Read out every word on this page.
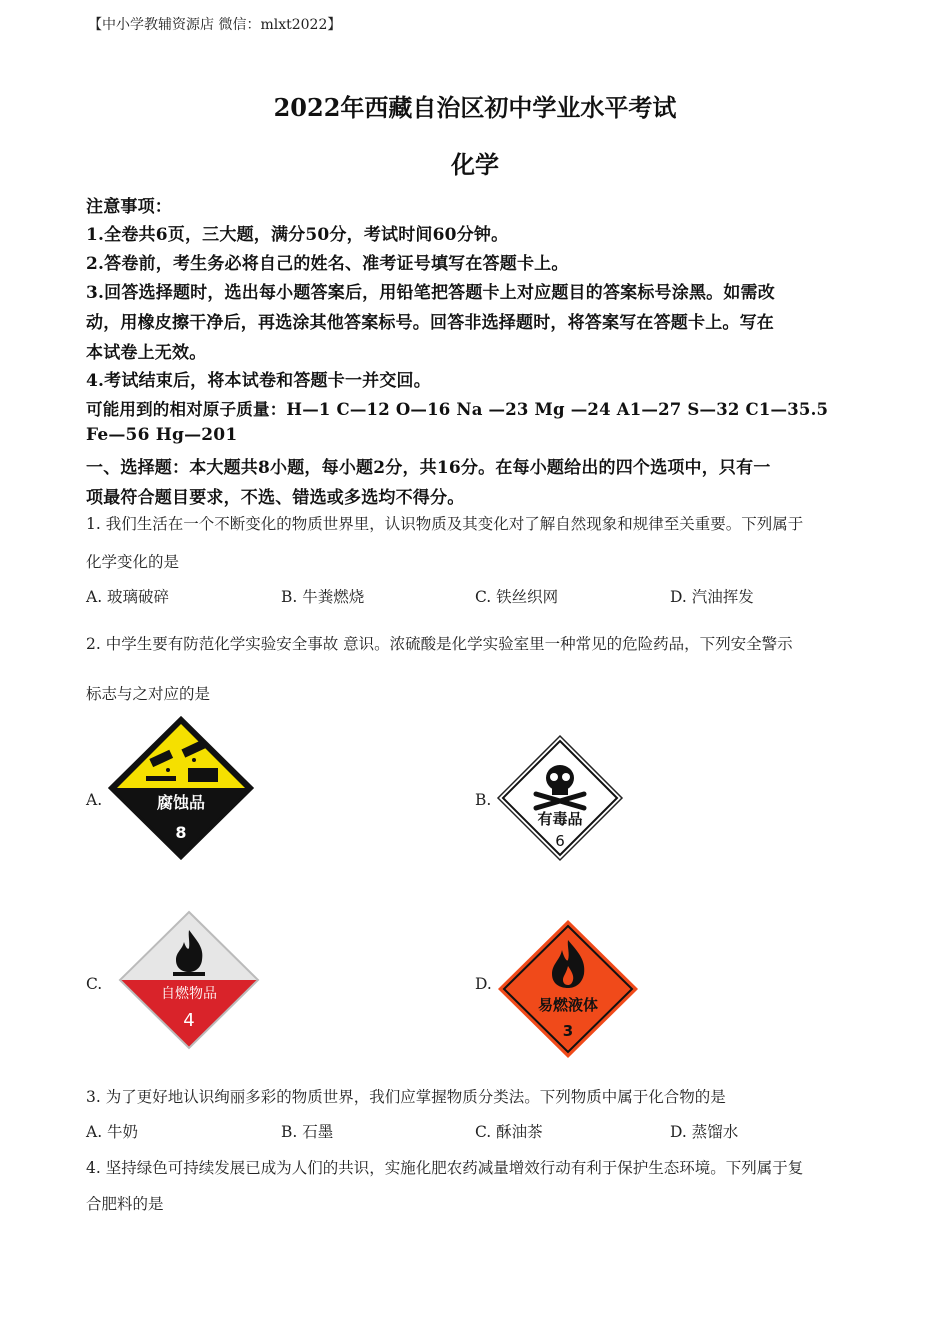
【中小学教辅资源店 微信：mlxt2022】
2022年西藏自治区初中学业水平考试
化学
注意事项：
1.全卷共6页，三大题，满分50分，考试时间60分钟。
2.答卷前，考生务必将自己的姓名、准考证号填写在答题卡上。
3.回答选择题时，选出每小题答案后，用铅笔把答题卡上对应题目的答案标号涂黑。如需改
动，用橡皮擦干净后，再选涂其他答案标号。回答非选择题时，将答案写在答题卡上。写在
本试卷上无效。
4.考试结束后，将本试卷和答题卡一并交回。
可能用到的相对原子质量：H—1 C—12 O—16 Na —23 Mg —24 A1—27 S—32 C1—35.5
Fe—56 Hg—201
一、选择题：本大题共8小题，每小题2分，共16分。在每小题给出的四个选项中，只有一
项最符合题目要求，不选、错选或多选均不得分。
1. 我们生活在一个不断变化的物质世界里，认识物质及其变化对了解自然现象和规律至关重要。下列属于
化学变化的是
A. 玻璃破碎	B. 牛粪燃烧	C. 铁丝织网	D. 汽油挥发
2. 中学生要有防范化学实验安全事故 意识。浓硫酸是化学实验室里一种常见的危险药品，下列安全警示
标志与之对应的是
A.	B.
C.	D.
腐蚀品
8
有毒品
6
自燃物品
4
易燃液体
3
3. 为了更好地认识绚丽多彩的物质世界，我们应掌握物质分类法。下列物质中属于化合物的是
A. 牛奶	B. 石墨	C. 酥油茶	D. 蒸馏水
4. 坚持绿色可持续发展已成为人们的共识，实施化肥农药减量增效行动有利于保护生态环境。下列属于复
合肥料的是
